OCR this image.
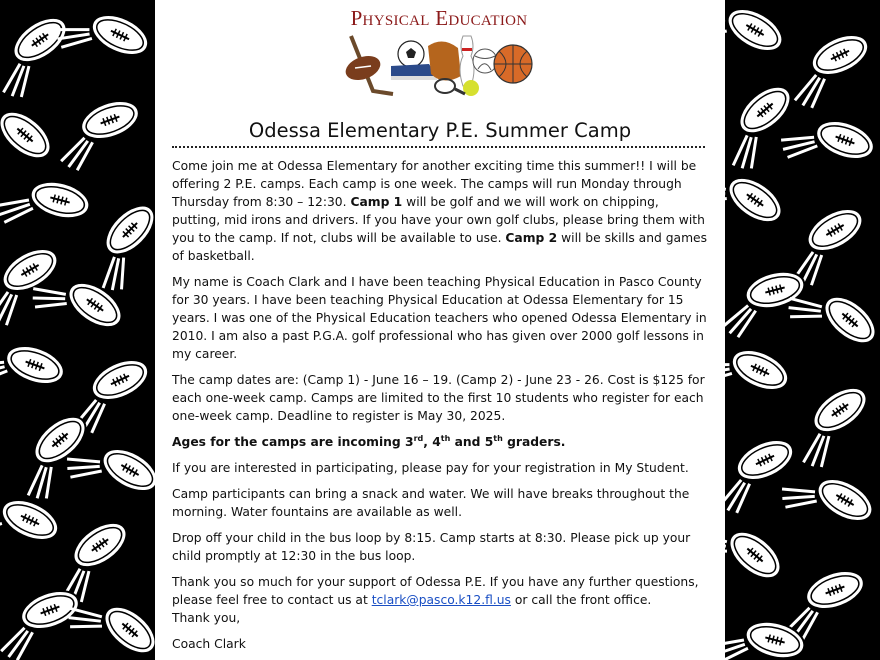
Physical Education
Odessa Elementary P.E. Summer Camp

Come join me at Odessa Elementary for another exciting time this summer!! I will be offering 2 P.E. camps. Each camp is one week. The camps will run Monday through Thursday from 8:30 – 12:30. Camp 1 will be golf and we will work on chipping, putting, mid irons and drivers. If you have your own golf clubs, please bring them with you to the camp. If not, clubs will be available to use. Camp 2 will be skills and games of basketball.

My name is Coach Clark and I have been teaching Physical Education in Pasco County for 30 years. I have been teaching Physical Education at Odessa Elementary for 15 years. I was one of the Physical Education teachers who opened Odessa Elementary in 2010. I am also a past P.G.A. golf professional who has given over 2000 golf lessons in my career.

The camp dates are: (Camp 1) - June 16 – 19. (Camp 2) - June 23 - 26. Cost is $125 for each one-week camp. Camps are limited to the first 10 students who register for each one-week camp. Deadline to register is May 30, 2025.

Ages for the camps are incoming 3rd, 4th and 5th graders.

If you are interested in participating, please pay for your registration in My Student.

Camp participants can bring a snack and water. We will have breaks throughout the morning. Water fountains are available as well.

Drop off your child in the bus loop by 8:15. Camp starts at 8:30. Please pick up your child promptly at 12:30 in the bus loop.

Thank you so much for your support of Odessa P.E. If you have any further questions, please feel free to contact us at tclark@pasco.k12.fl.us or call the front office.

Thank you,
Coach Clark
